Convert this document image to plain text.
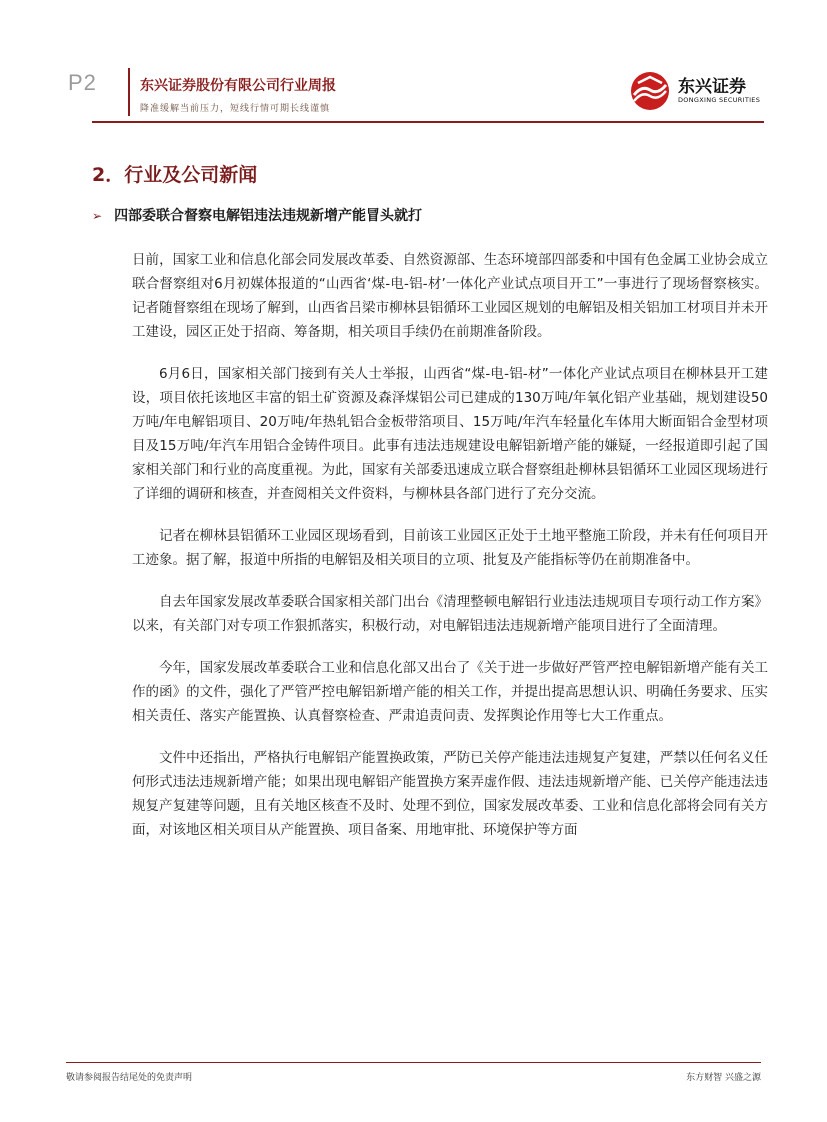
P2	东兴证券股份有限公司行业周报
降准缓解当前压力，短线行情可期长线谨慎
东兴证券
DONGXING SECURITIES
2．行业及公司新闻
➢ 四部委联合督察电解铝违法违规新增产能冒头就打

日前，国家工业和信息化部会同发展改革委、自然资源部、生态环境部四部委和中国有色金属工业协会成立联合督察组对6月初媒体报道的“山西省‘煤-电-铝-材’一体化产业试点项目开工”一事进行了现场督察核实。记者随督察组在现场了解到，山西省吕梁市柳林县铝循环工业园区规划的电解铝及相关铝加工材项目并未开工建设，园区正处于招商、筹备期，相关项目手续仍在前期准备阶段。

6月6日，国家相关部门接到有关人士举报，山西省“煤-电-铝-材”一体化产业试点项目在柳林县开工建设，项目依托该地区丰富的铝土矿资源及森泽煤铝公司已建成的130万吨/年氧化铝产业基础，规划建设50万吨/年电解铝项目、20万吨/年热轧铝合金板带箔项目、15万吨/年汽车轻量化车体用大断面铝合金型材项目及15万吨/年汽车用铝合金铸件项目。此事有违法违规建设电解铝新增产能的嫌疑，一经报道即引起了国家相关部门和行业的高度重视。为此，国家有关部委迅速成立联合督察组赴柳林县铝循环工业园区现场进行了详细的调研和核查，并查阅相关文件资料，与柳林县各部门进行了充分交流。

记者在柳林县铝循环工业园区现场看到，目前该工业园区正处于土地平整施工阶段，并未有任何项目开工迹象。据了解，报道中所指的电解铝及相关项目的立项、批复及产能指标等仍在前期准备中。

自去年国家发展改革委联合国家相关部门出台《清理整顿电解铝行业违法违规项目专项行动工作方案》以来，有关部门对专项工作狠抓落实，积极行动，对电解铝违法违规新增产能项目进行了全面清理。

今年，国家发展改革委联合工业和信息化部又出台了《关于进一步做好严管严控电解铝新增产能有关工作的函》的文件，强化了严管严控电解铝新增产能的相关工作，并提出提高思想认识、明确任务要求、压实相关责任、落实产能置换、认真督察检查、严肃追责问责、发挥舆论作用等七大工作重点。

文件中还指出，严格执行电解铝产能置换政策，严防已关停产能违法违规复产复建，严禁以任何名义任何形式违法违规新增产能；如果出现电解铝产能置换方案弄虚作假、违法违规新增产能、已关停产能违法违规复产复建等问题，且有关地区核查不及时、处理不到位，国家发展改革委、工业和信息化部将会同有关方面，对该地区相关项目从产能置换、项目备案、用地审批、环境保护等方面

敬请参阅报告结尾处的免责声明	东方财智 兴盛之源
